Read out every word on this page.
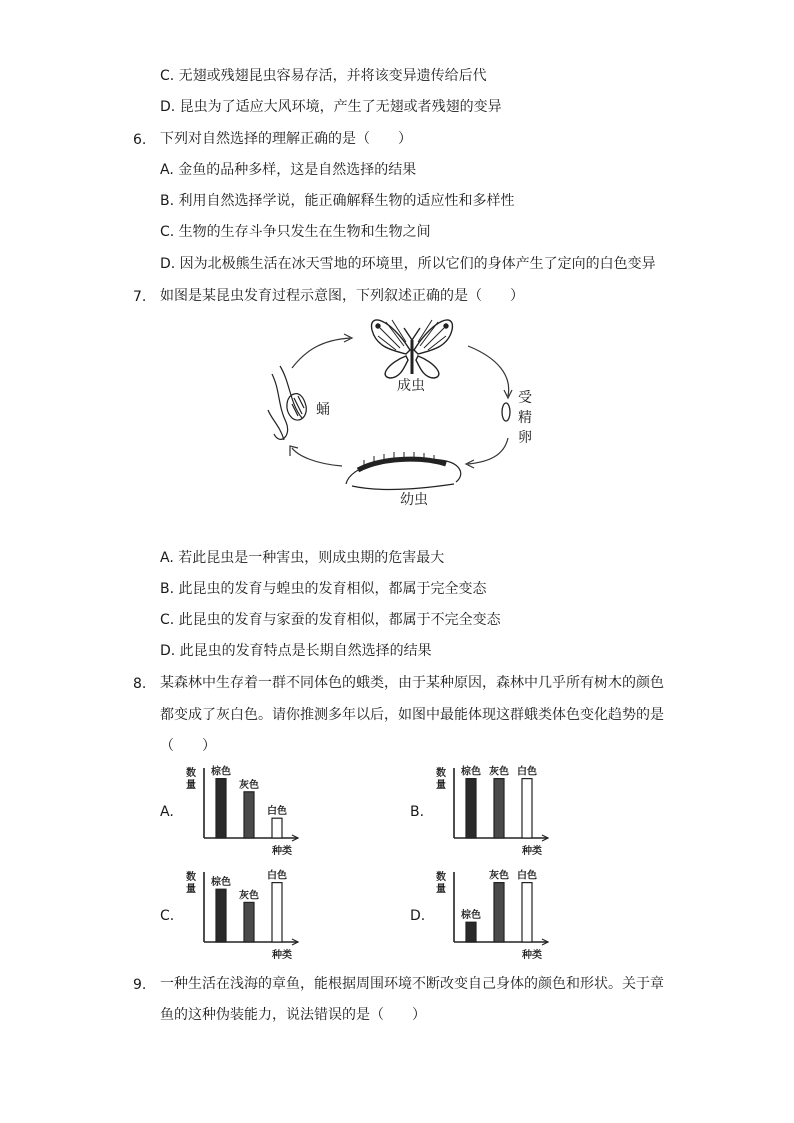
C. 无翅或残翅昆虫容易存活，并将该变异遗传给后代
D. 昆虫为了适应大风环境，产生了无翅或者残翅的变异
6. 下列对自然选择的理解正确的是（　　）
A. 金鱼的品种多样，这是自然选择的结果
B. 利用自然选择学说，能正确解释生物的适应性和多样性
C. 生物的生存斗争只发生在生物和生物之间
D. 因为北极熊生活在冰天雪地的环境里，所以它们的身体产生了定向的白色变异
7. 如图是某昆虫发育过程示意图，下列叙述正确的是（　　）
成虫
受
精
卵
幼虫
蛹
A. 若此昆虫是一种害虫，则成虫期的危害最大
B. 此昆虫的发育与蝗虫的发育相似，都属于完全变态
C. 此昆虫的发育与家蚕的发育相似，都属于不完全变态
D. 此昆虫的发育特点是长期自然选择的结果
8. 某森林中生存着一群不同体色的蛾类，由于某种原因，森林中几乎所有树木的颜色
都变成了灰白色。请你推测多年以后，如图中最能体现这群蛾类体色变化趋势的是
（　　）
A.	B.
C.	D.
数量
种类
棕色
灰色
白色
数量
种类
棕色 灰色 白色
数量
种类
棕色
灰色
白色	数量
种类
棕色
灰色 白色
9. 一种生活在浅海的章鱼，能根据周围环境不断改变自己身体的颜色和形状。关于章
鱼的这种伪装能力，说法错误的是（　　）
